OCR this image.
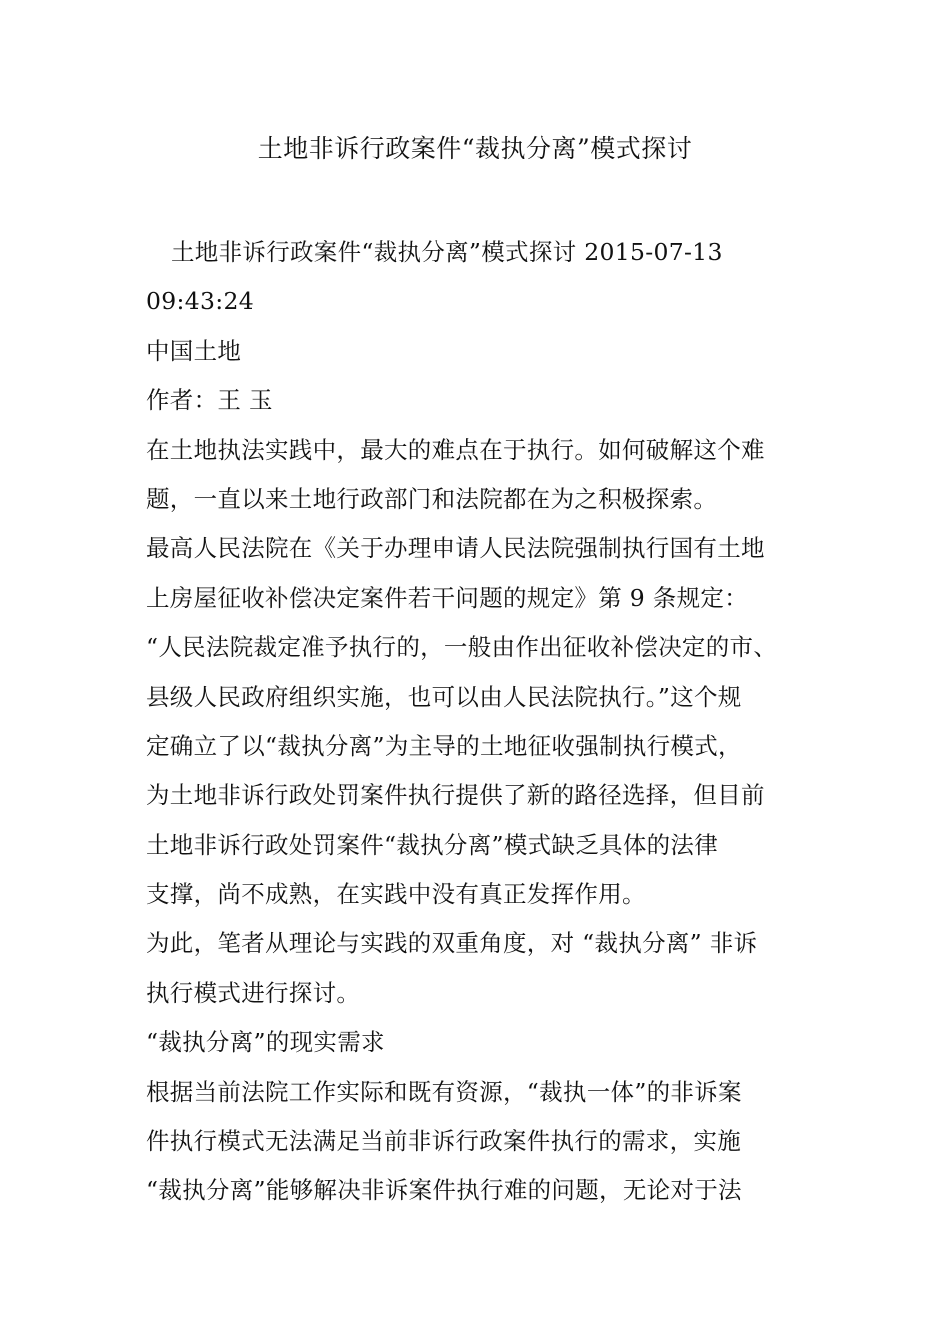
土地非诉行政案件“裁执分离”模式探讨
土地非诉行政案件“裁执分离”模式探讨 2015-07-13
09:43:24
中国土地
作者：王 玉
在土地执法实践中，最大的难点在于执行。如何破解这个难
题，一直以来土地行政部门和法院都在为之积极探索。
最高人民法院在《关于办理申请人民法院强制执行国有土地
上房屋征收补偿决定案件若干问题的规定》第 9 条规定：
“人民法院裁定准予执行的，一般由作出征收补偿决定的市、
县级人民政府组织实施，也可以由人民法院执行。”这个规
定确立了以“裁执分离”为主导的土地征收强制执行模式，
为土地非诉行政处罚案件执行提供了新的路径选择，但目前
土地非诉行政处罚案件“裁执分离”模式缺乏具体的法律
支撑，尚不成熟，在实践中没有真正发挥作用。
为此，笔者从理论与实践的双重角度，对 “裁执分离” 非诉
执行模式进行探讨。
“裁执分离”的现实需求
根据当前法院工作实际和既有资源，“裁执一体”的非诉案
件执行模式无法满足当前非诉行政案件执行的需求，实施
“裁执分离”能够解决非诉案件执行难的问题，无论对于法
